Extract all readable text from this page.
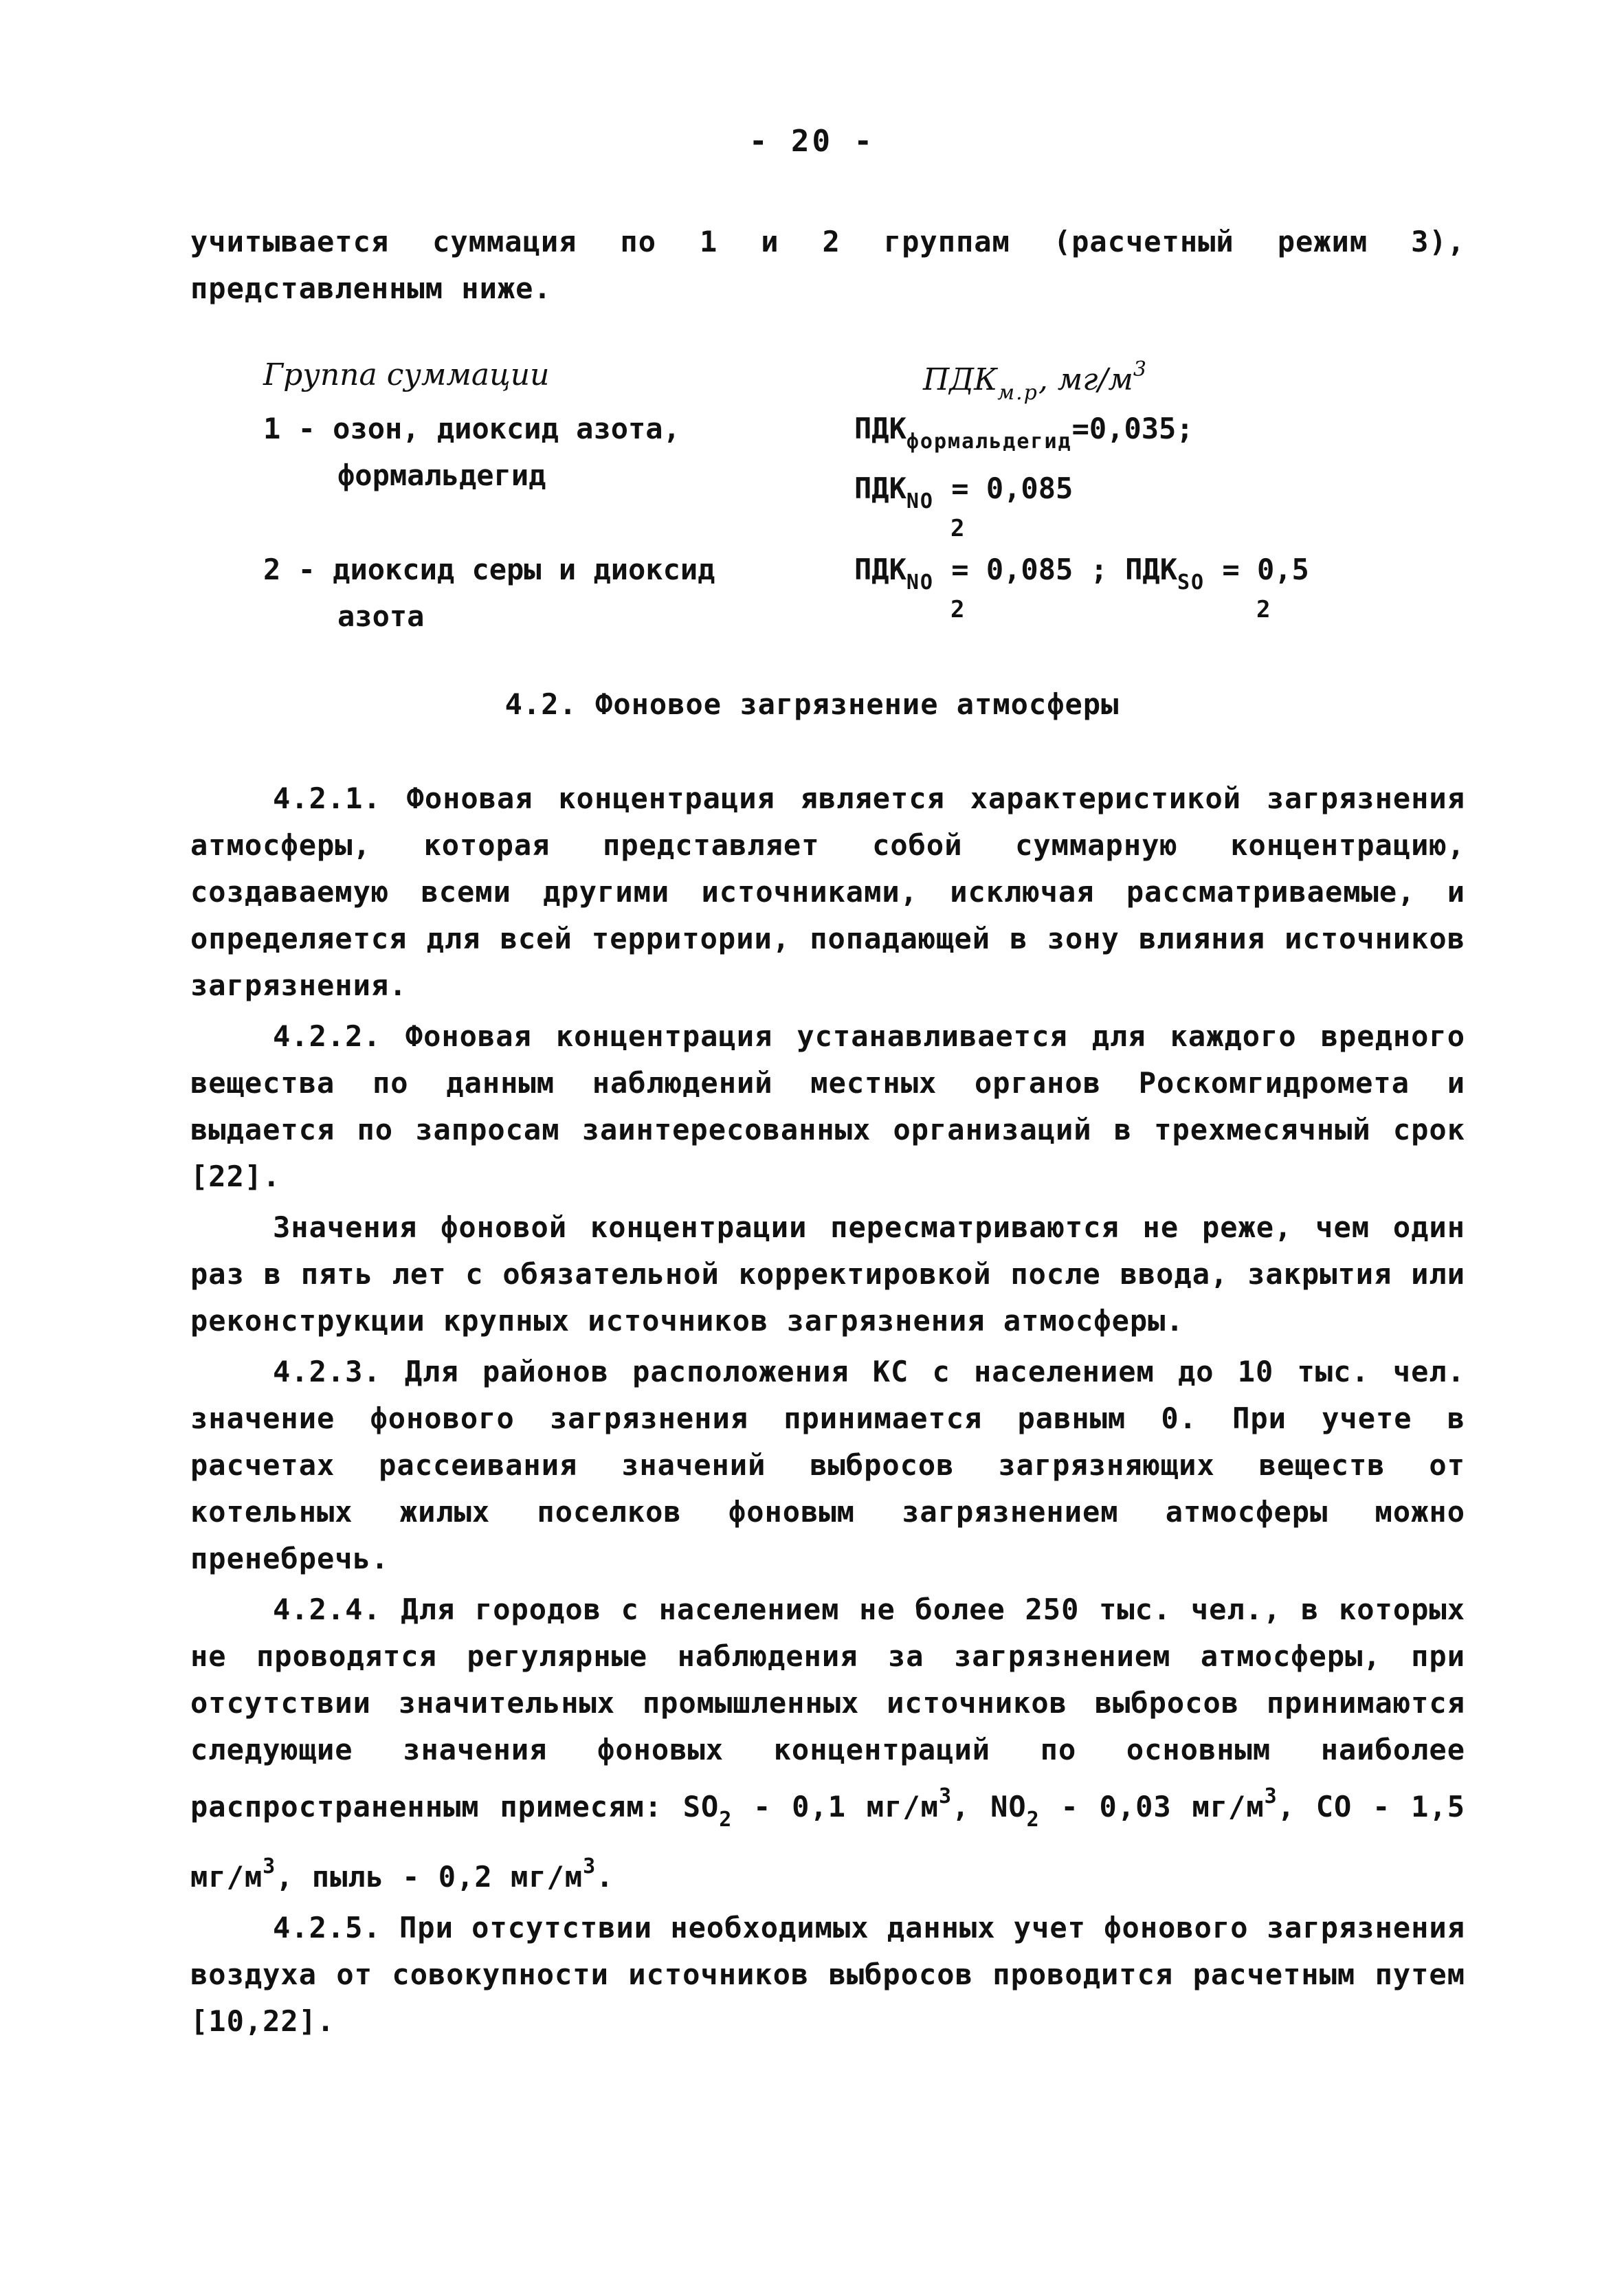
- 20 -

учитывается суммация по 1 и 2 группам (расчетный режим 3), представленным ниже.

Группа суммации	$ПДК_{м.р}$, $мг/м^3$
1 - озон, диоксид азота,
формальдегид
$ПДК_{формальдегид}=0,035$;
$ПДК_{NO} = 0,085$
2
2 - диоксид серы и диоксид
азота
$ПДК_{NO} = 0,085$ ; $ПДК_{SO} = 0,5$
2	2
4.2. Фоновое загрязнение атмосферы

4.2.1. Фоновая концентрация является характеристикой загрязнения атмосферы, которая представляет собой суммарную концентрацию, создаваемую всеми другими источниками, исключая рассматриваемые, и определяется для всей территории, попадающей в зону влияния источников загрязнения.

4.2.2. Фоновая концентрация устанавливается для каждого вредного вещества по данным наблюдений местных органов Роскомгидромета и выдается по запросам заинтересованных организаций в трехмесячный срок [22].

Значения фоновой концентрации пересматриваются не реже, чем один раз в пять лет с обязательной корректировкой после ввода, закрытия или реконструкции крупных источников загрязнения атмосферы.

4.2.3. Для районов расположения КС с населением до 10 тыс. чел. значение фонового загрязнения принимается равным 0. При учете в расчетах рассеивания значений выбросов загрязняющих веществ от котельных жилых поселков фоновым загрязнением атмосферы можно пренебречь.

4.2.4. Для городов с населением не более 250 тыс. чел., в которых не проводятся регулярные наблюдения за загрязнением атмосферы, при отсутствии значительных промышленных источников выбросов принимаются следующие значения фоновых концентраций по основным наиболее распространенным примесям: $SO_2 - 0,1$ $мг/м^3$, $NO_2 - 0,03$ $мг/м^3$, CO - 1,5 $мг/м^3$, пыль - 0,2 $мг/м^3$.

4.2.5. При отсутствии необходимых данных учет фонового загрязнения воздуха от совокупности источников выбросов проводится расчетным путем [10,22].
